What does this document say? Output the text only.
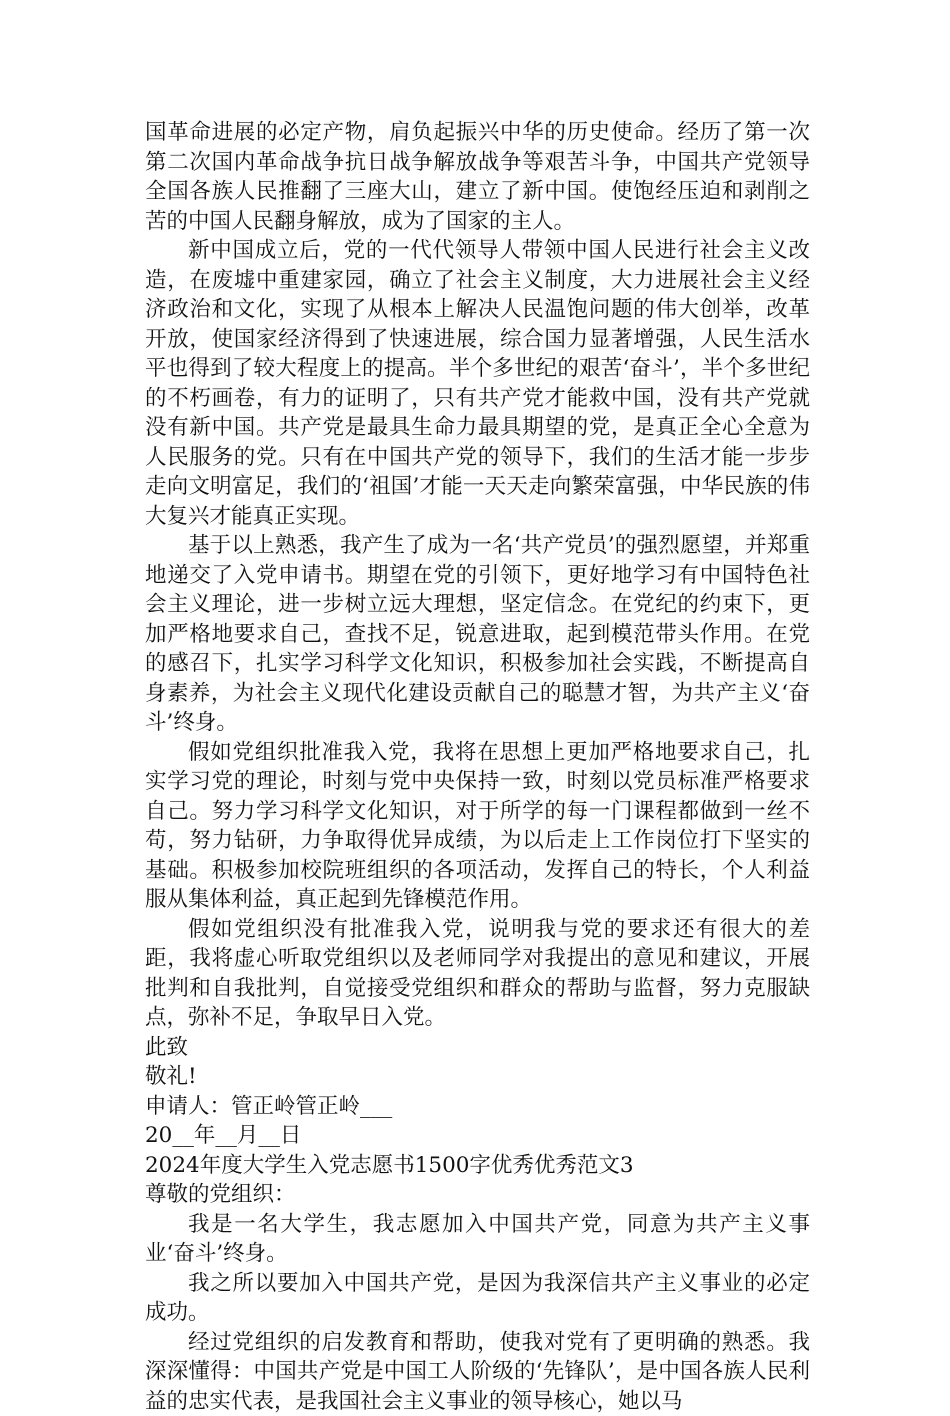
国革命进展的必定产物，肩负起振兴中华的历史使命。经历了第一次第二次国内革命战争抗日战争解放战争等艰苦斗争，中国共产党领导全国各族人民推翻了三座大山，建立了新中国。使饱经压迫和剥削之苦的中国人民翻身解放，成为了国家的主人。

新中国成立后，党的一代代领导人带领中国人民进行社会主义改造，在废墟中重建家园，确立了社会主义制度，大力进展社会主义经济政治和文化，实现了从根本上解决人民温饱问题的伟大创举，改革开放，使国家经济得到了快速进展，综合国力显著增强，人民生活水平也得到了较大程度上的提高。半个多世纪的艰苦‘奋斗’，半个多世纪的不朽画卷，有力的证明了，只有共产党才能救中国，没有共产党就没有新中国。共产党是最具生命力最具期望的党，是真正全心全意为人民服务的党。只有在中国共产党的领导下，我们的生活才能一步步走向文明富足，我们的‘祖国’才能一天天走向繁荣富强，中华民族的伟大复兴才能真正实现。

基于以上熟悉，我产生了成为一名‘共产党员’的强烈愿望，并郑重地递交了入党申请书。期望在党的引领下，更好地学习有中国特色社会主义理论，进一步树立远大理想，坚定信念。在党纪的约束下，更加严格地要求自己，查找不足，锐意进取，起到模范带头作用。在党的感召下，扎实学习科学文化知识，积极参加社会实践，不断提高自身素养，为社会主义现代化建设贡献自己的聪慧才智，为共产主义‘奋斗’终身。

假如党组织批准我入党，我将在思想上更加严格地要求自己，扎实学习党的理论，时刻与党中央保持一致，时刻以党员标准严格要求自己。努力学习科学文化知识，对于所学的每一门课程都做到一丝不苟，努力钻研，力争取得优异成绩，为以后走上工作岗位打下坚实的基础。积极参加校院班组织的各项活动，发挥自己的特长，个人利益服从集体利益，真正起到先锋模范作用。

假如党组织没有批准我入党，说明我与党的要求还有很大的差距，我将虚心听取党组织以及老师同学对我提出的意见和建议，开展批判和自我批判，自觉接受党组织和群众的帮助与监督，努力克服缺点，弥补不足，争取早日入党。

此致

敬礼!

申请人：管正岭管正岭___

20__年__月__日

2024年度大学生入党志愿书1500字优秀优秀范文3

尊敬的党组织：

我是一名大学生，我志愿加入中国共产党，同意为共产主义事业‘奋斗’终身。

我之所以要加入中国共产党，是因为我深信共产主义事业的必定成功。

经过党组织的启发教育和帮助，使我对党有了更明确的熟悉。我深深懂得：中国共产党是中国工人阶级的‘先锋队’，是中国各族人民利益的忠实代表，是我国社会主义事业的领导核心，她以马
